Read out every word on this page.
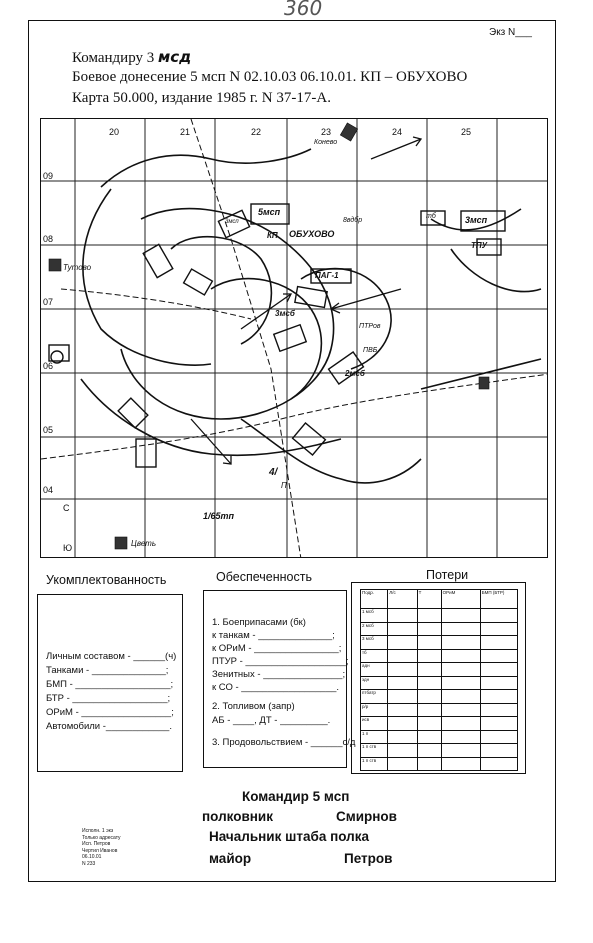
360
Экз N___
Командиру 3 мсд
Боевое донесение 5 мсп N 02.10.03 06.10.01. КП – ОБУХОВО
Карта 50.000, издание 1985 г. N 37-17-А.
20	21	22	23	24	25
09
08
07
06
05
04
С
Ю
Конево
Тутово
ОБУХОВО
Цветь
5мсп
3мсп
КП
8вдбр
тб	3мсп
ТПУ
ПАГ-1
3мсб
ПТРов
ПВБ
2мсб
4/
П
1/65тп
Укомплектованность
Личным составом - ______(ч)
Танками - ______________;
БМП - __________________;
БТР - __________________;
ОРиМ - _________________;
Автомобили -____________.
Обеспеченность
1. Боеприпасами (бк)
к танкам - ______________;
к ОРиМ - ________________;
ПТУР - ___________________;
Зенитных - _______________;
к СО - __________________.
2. Топливом (запр)
АБ - ____, ДТ - _________.
3. Продовольствием - ______с/д
Потери
Подр.	Л/с	Т	ОРиМ	БМП (БТР)
1 мсб				
2 мсб				
3 мсб				
тб				
адн				
здн				
птбатр				
р/р				
исв				
1 п				
1 п ств				
1 п ств				
Командир 5 мсп
полковник	Смирнов
Начальник штаба полка
майор	Петров
Исполн. 1 экз
Только адресату
Исп. Петров
Чертил Иванов
06.10.01
N 233
